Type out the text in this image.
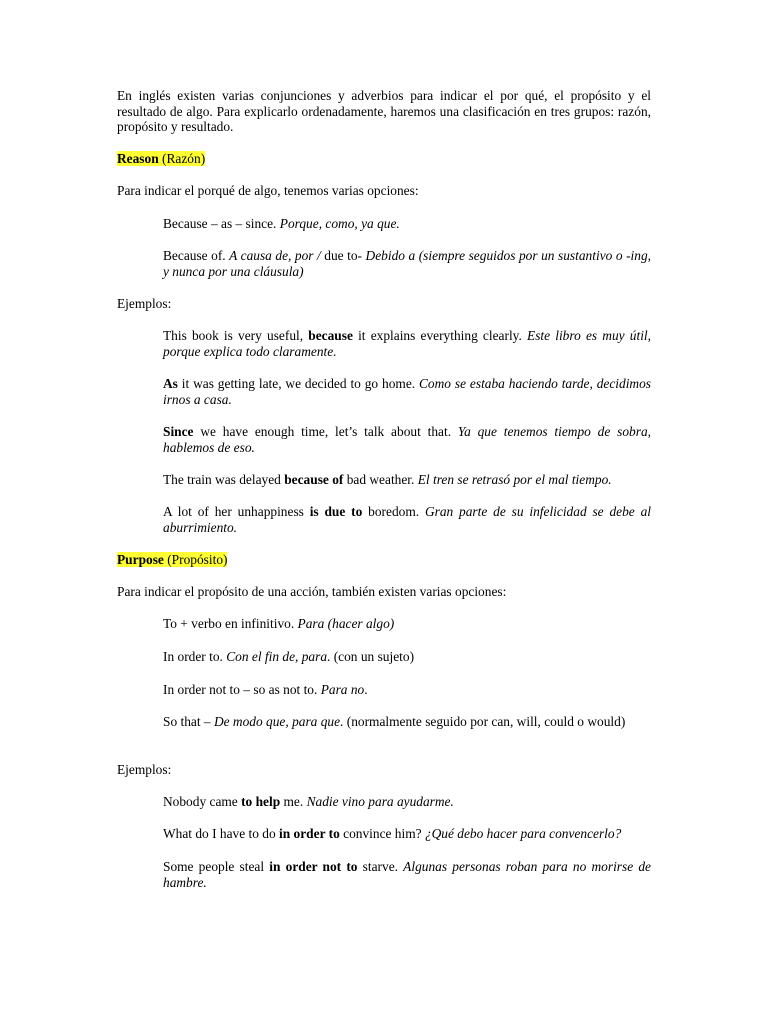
En inglés existen varias conjunciones y adverbios para indicar el por qué, el propósito y el resultado de algo. Para explicarlo ordenadamente, haremos una clasificación en tres grupos: razón, propósito y resultado.

Reason (Razón)

Para indicar el porqué de algo, tenemos varias opciones:

Because – as – since. Porque, como, ya que.

Because of. A causa de, por / due to- Debido a (siempre seguidos por un sustantivo o -ing, y nunca por una cláusula)

Ejemplos:

This book is very useful, because it explains everything clearly. Este libro es muy útil, porque explica todo claramente.

As it was getting late, we decided to go home. Como se estaba haciendo tarde, decidimos irnos a casa.

Since we have enough time, let’s talk about that. Ya que tenemos tiempo de sobra, hablemos de eso.

The train was delayed because of bad weather. El tren se retrasó por el mal tiempo.

A lot of her unhappiness is due to boredom. Gran parte de su infelicidad se debe al aburrimiento.

Purpose (Propósito)

Para indicar el propósito de una acción, también existen varias opciones:

To + verbo en infinitivo. Para (hacer algo)

In order to. Con el fin de, para. (con un sujeto)

In order not to – so as not to. Para no.

So that – De modo que, para que. (normalmente seguido por can, will, could o would)

Ejemplos:

Nobody came to help me. Nadie vino para ayudarme.

What do I have to do in order to convince him? ¿Qué debo hacer para convencerlo?

Some people steal in order not to starve. Algunas personas roban para no morirse de hambre.
